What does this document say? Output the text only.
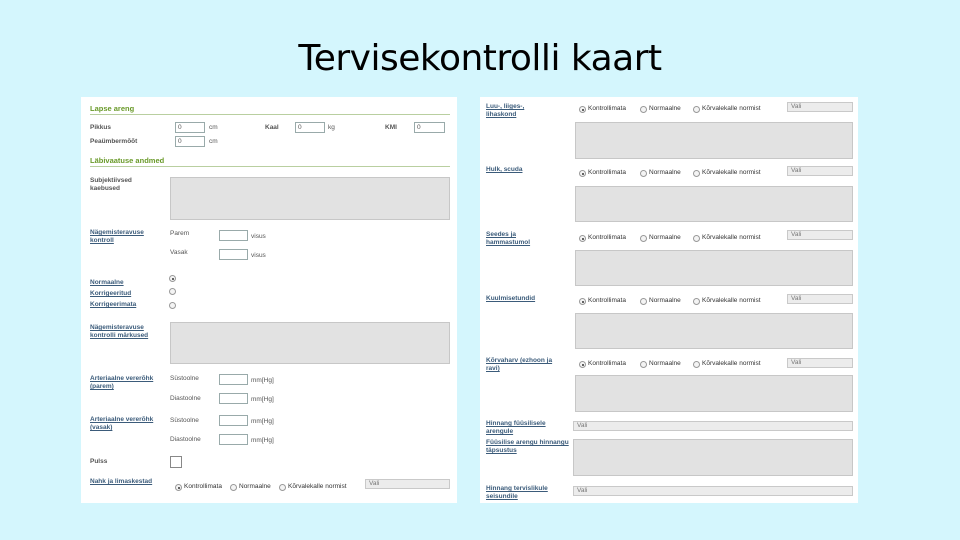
Tervisekontrolli kaart
Lapse areng
Pikkus	0	cm	Kaal	0	kg	KMI	0
Peaümbermõõt	0	cm
Läbivaatuse andmed
Subjektiivsed kaebused
Nägemisteravuse kontroll
Parem	visus
Vasak	visus
Normaalne
Korrigeeritud
Korrigeerimata
Nägemisteravuse kontrolli märkused
Arteriaalne vererõhk (parem)
Süstoolne	mm[Hg]
Diastoolne	mm[Hg]
Arteriaalne vererõhk (vasak)
Süstoolne	mm[Hg]
Diastoolne	mm[Hg]
Pulss
Nahk ja limaskestad
Kontrollimata	Normaalne	Kõrvalekalle normist	Vali
Luu-, liiges-, lihaskond
Kontrollimata	Normaalne	Kõrvalekalle normist	Vali
Hulk, scuda	Kontrollimata	Normaalne	Kõrvalekalle normist	Vali
Seedes ja hammastumol
Kontrollimata	Normaalne	Kõrvalekalle normist	Vali
Kuulmisetundid	Kontrollimata	Normaalne	Kõrvalekalle normist	Vali
Kõrvaharv (ezhoon ja ravi)
Kontrollimata	Normaalne	Kõrvalekalle normist	Vali
Hinnang füüsilisele arengule
Vali
Füüsilise arengu hinnangu täpsustus
Hinnang tervislikule seisundile
Vali
